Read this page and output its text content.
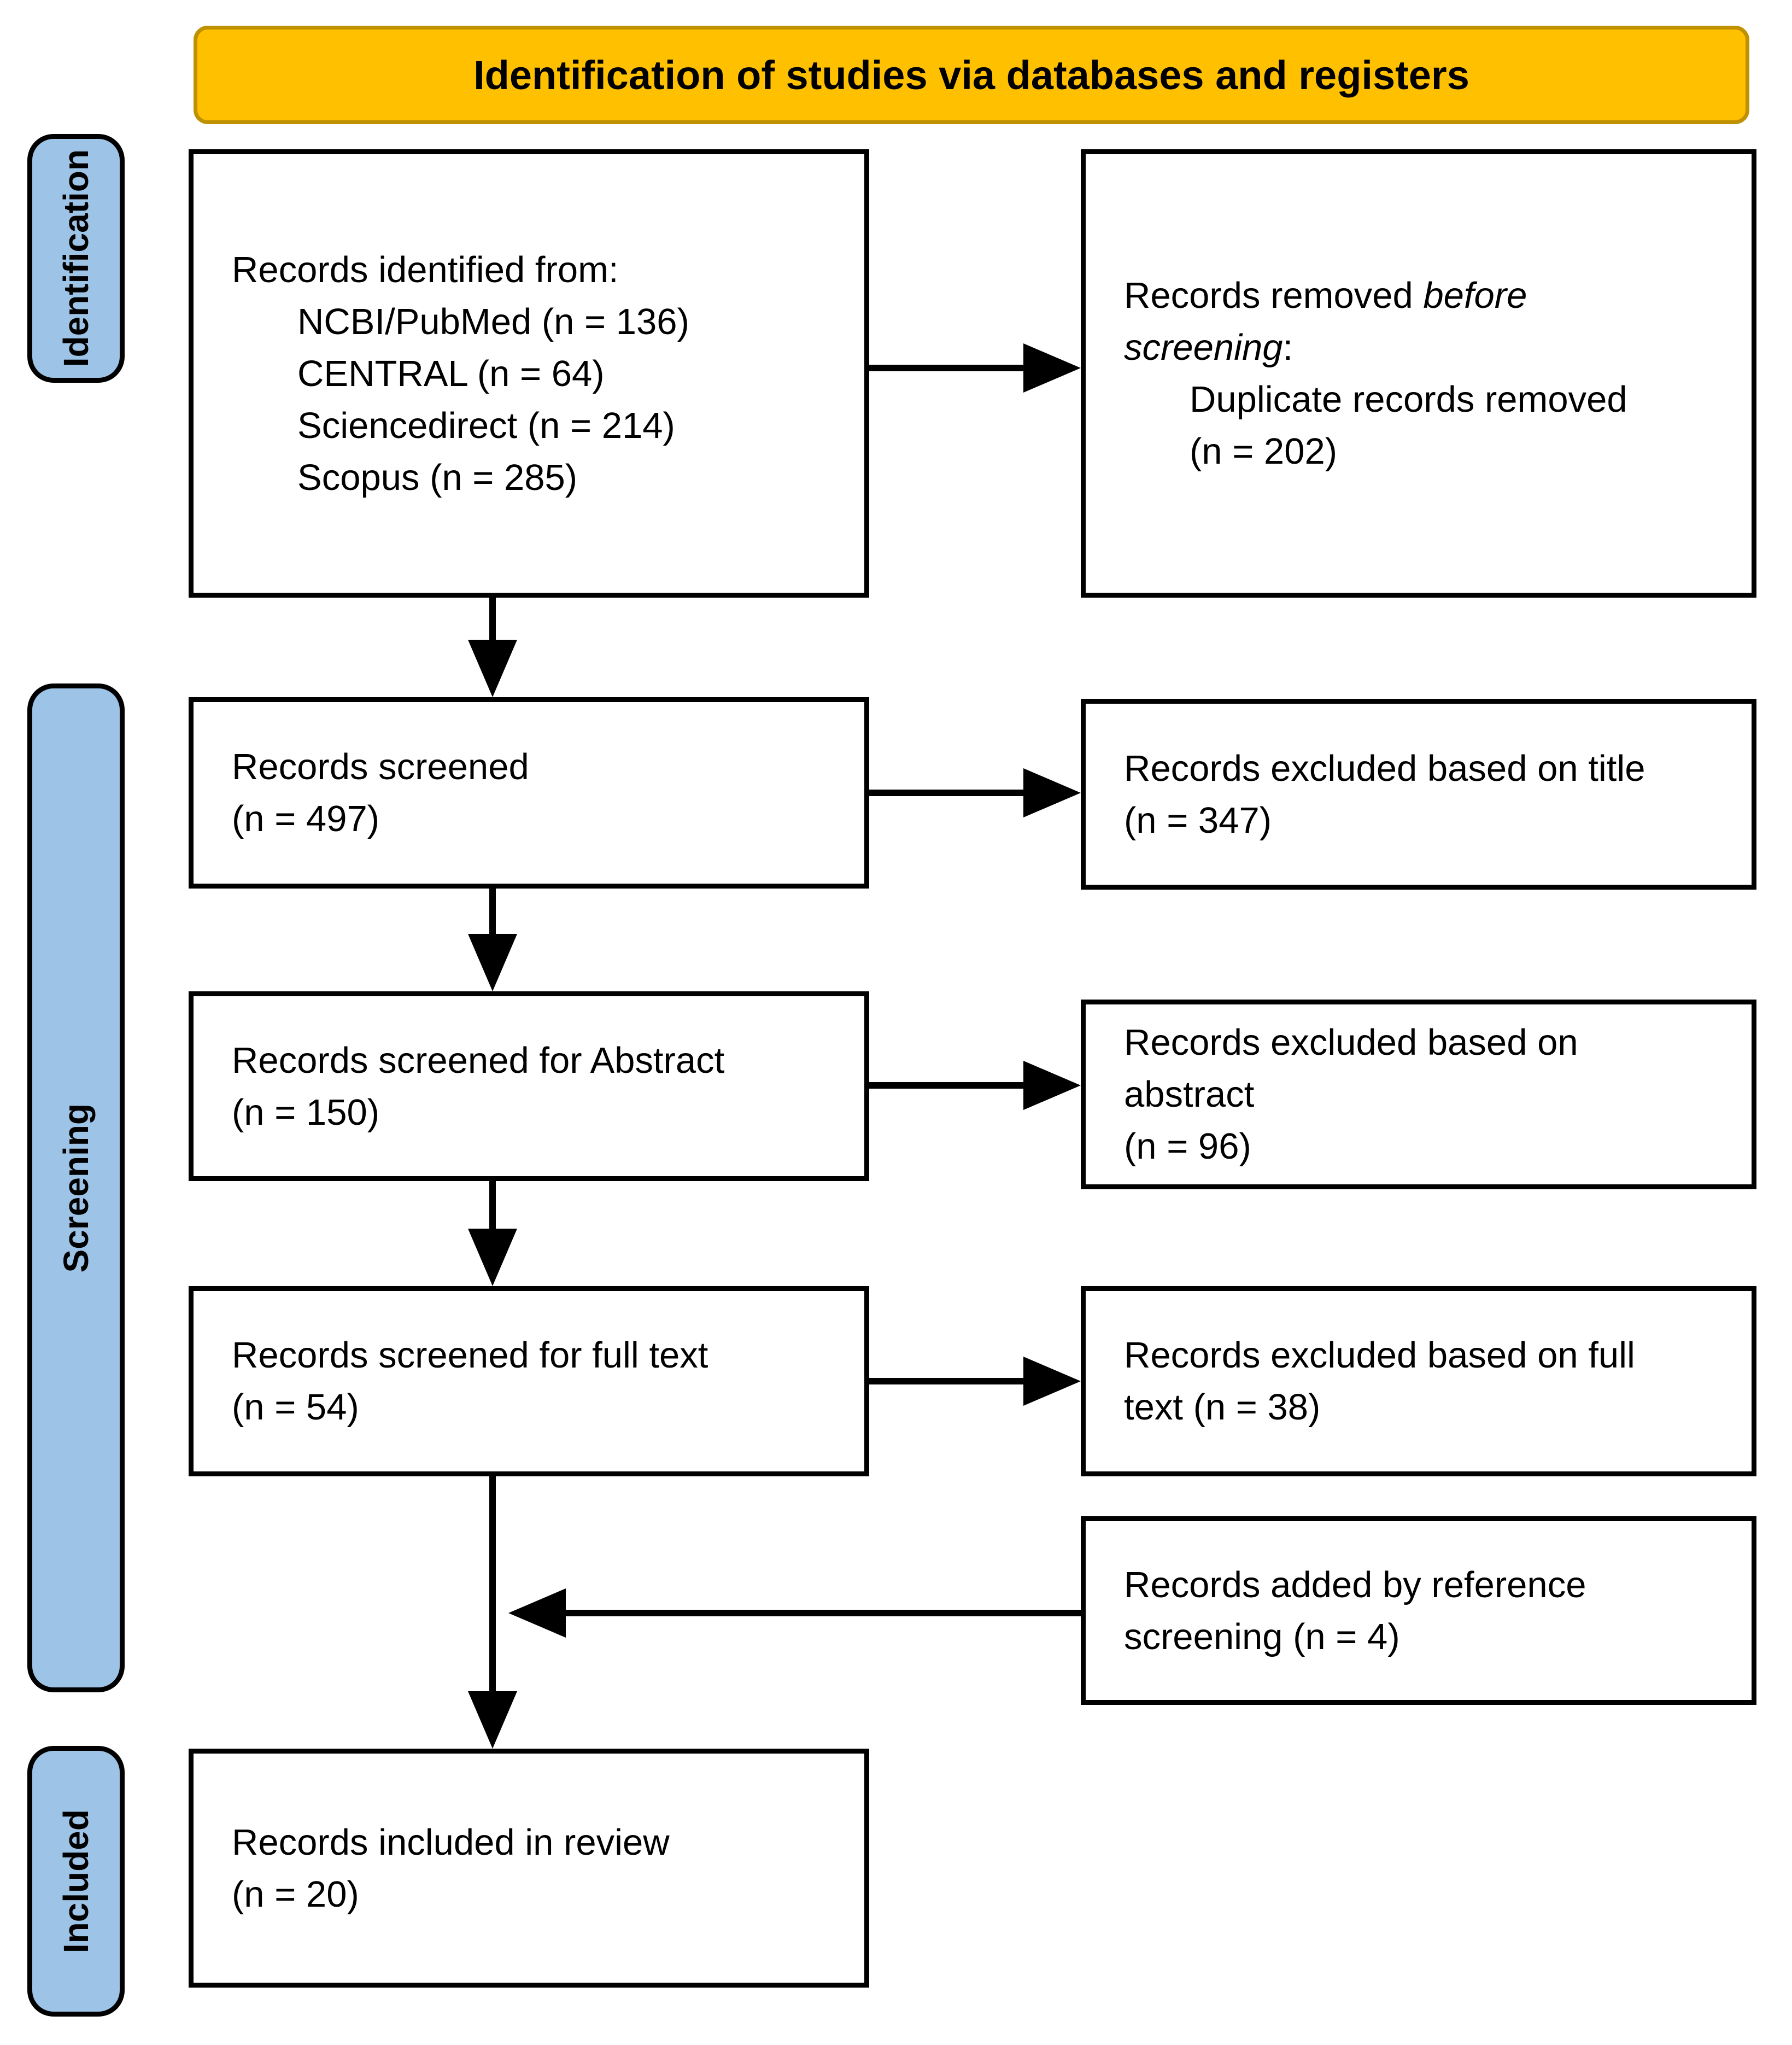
Identification of studies via databases and registers
Identification
Screening
Included
Records identified from:
NCBI/PubMed (n = 136)
CENTRAL (n = 64)
Sciencedirect (n = 214)
Scopus (n = 285)
Records removed before
screening:
Duplicate records removed
(n = 202)
Records screened
(n = 497)
Records excluded based on title
(n = 347)
Records screened for Abstract
(n = 150)
Records excluded based on
abstract
(n = 96)
Records screened for full text
(n = 54)
Records excluded based on full
text (n = 38)
Records added by reference
screening (n = 4)
Records included in review
(n = 20)
